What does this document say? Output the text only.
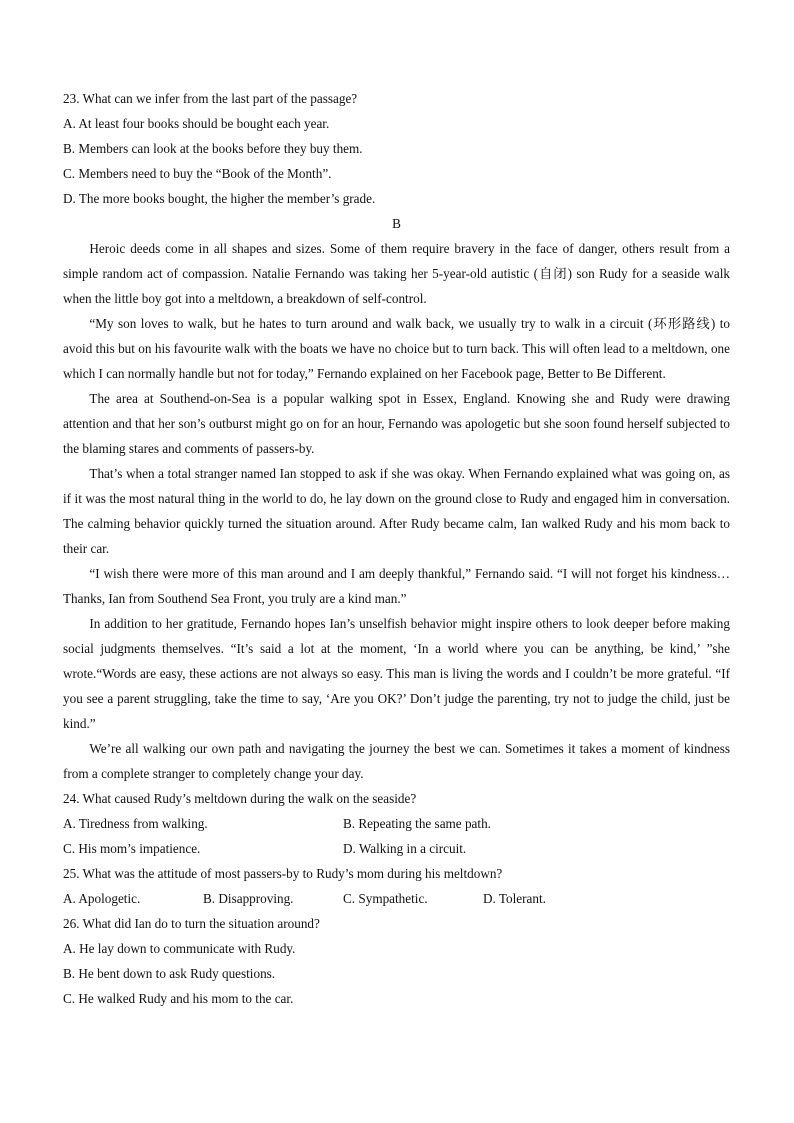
23. What can we infer from the last part of the passage?
A. At least four books should be bought each year.
B. Members can look at the books before they buy them.
C. Members need to buy the “Book of the Month”.
D. The more books bought, the higher the member’s grade.
B
Heroic deeds come in all shapes and sizes. Some of them require bravery in the face of danger, others result from a simple random act of compassion. Natalie Fernando was taking her 5-year-old autistic (自闭) son Rudy for a seaside walk when the little boy got into a meltdown, a breakdown of self-control.
“My son loves to walk, but he hates to turn around and walk back, we usually try to walk in a circuit (环形路线) to avoid this but on his favourite walk with the boats we have no choice but to turn back. This will often lead to a meltdown, one which I can normally handle but not for today,” Fernando explained on her Facebook page, Better to Be Different.
The area at Southend-on-Sea is a popular walking spot in Essex, England. Knowing she and Rudy were drawing attention and that her son’s outburst might go on for an hour, Fernando was apologetic but she soon found herself subjected to the blaming stares and comments of passers-by.
That’s when a total stranger named Ian stopped to ask if she was okay. When Fernando explained what was going on, as if it was the most natural thing in the world to do, he lay down on the ground close to Rudy and engaged him in conversation. The calming behavior quickly turned the situation around. After Rudy became calm, Ian walked Rudy and his mom back to their car.
“I wish there were more of this man around and I am deeply thankful,” Fernando said. “I will not forget his kindness… Thanks, Ian from Southend Sea Front, you truly are a kind man.”
In addition to her gratitude, Fernando hopes Ian’s unselfish behavior might inspire others to look deeper before making social judgments themselves. “It’s said a lot at the moment, ‘In a world where you can be anything, be kind,’ ”she wrote.“Words are easy, these actions are not always so easy. This man is living the words and I couldn’t be more grateful. “If you see a parent struggling, take the time to say, ‘Are you OK?’ Don’t judge the parenting, try not to judge the child, just be kind.”
We’re all walking our own path and navigating the journey the best we can. Sometimes it takes a moment of kindness from a complete stranger to completely change your day.
24. What caused Rudy’s meltdown during the walk on the seaside?
A. Tiredness from walking.	B. Repeating the same path.
C. His mom’s impatience.	D. Walking in a circuit.
25. What was the attitude of most passers-by to Rudy’s mom during his meltdown?
A. Apologetic.	B. Disapproving.	C. Sympathetic.	D. Tolerant.
26. What did Ian do to turn the situation around?
A. He lay down to communicate with Rudy.
B. He bent down to ask Rudy questions.
C. He walked Rudy and his mom to the car.
